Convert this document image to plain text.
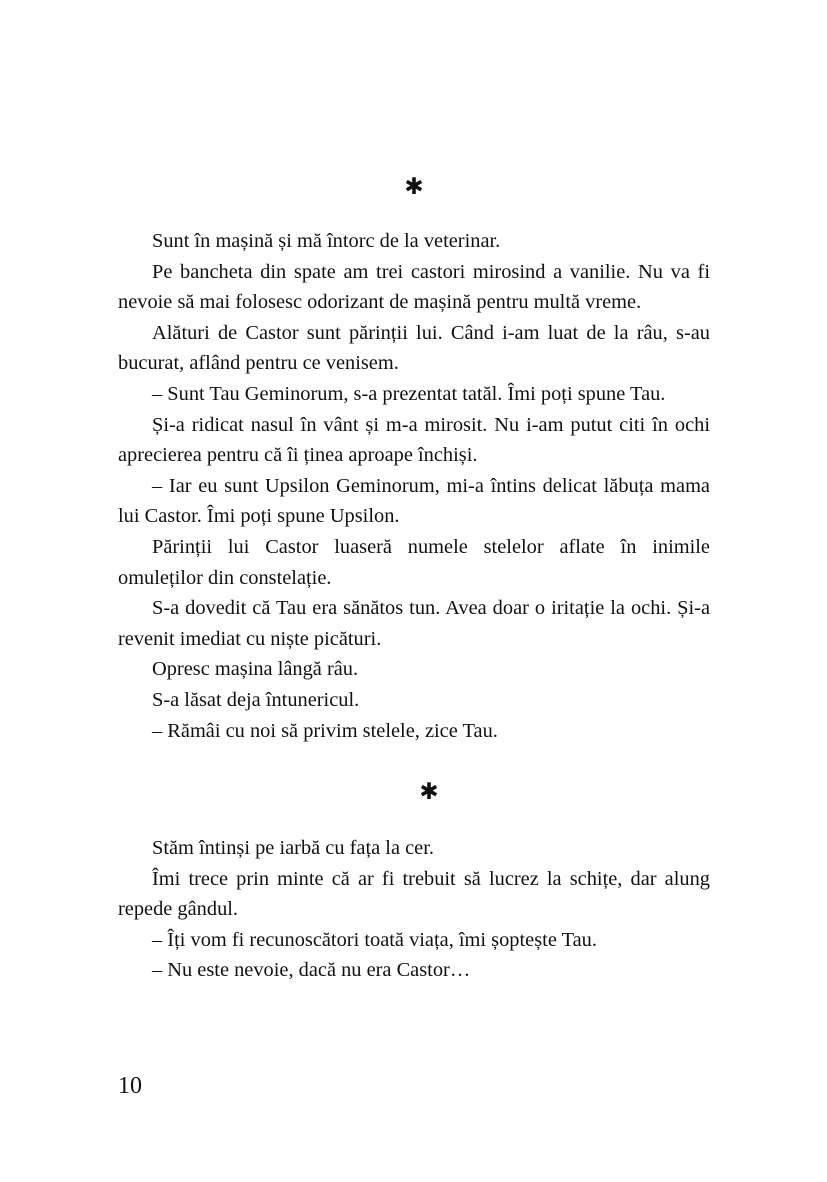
✱

Sunt în mașină și mă întorc de la veterinar.

Pe bancheta din spate am trei castori mirosind a vanilie. Nu va fi nevoie să mai folosesc odorizant de mașină pentru multă vreme.

Alături de Castor sunt părinții lui. Când i-am luat de la râu, s-au bucurat, aflând pentru ce venisem.

– Sunt Tau Geminorum, s-a prezentat tatăl. Îmi poți spune Tau.

Și-a ridicat nasul în vânt și m-a mirosit. Nu i-am putut citi în ochi aprecierea pentru că îi ținea aproape închiși.

– Iar eu sunt Upsilon Geminorum, mi-a întins delicat lăbuța mama lui Castor. Îmi poți spune Upsilon.

Părinții lui Castor luaseră numele stelelor aflate în inimile omuleților din constelație.

S-a dovedit că Tau era sănătos tun. Avea doar o iritație la ochi. Și-a revenit imediat cu niște picături.

Opresc mașina lângă râu.

S-a lăsat deja întunericul.

– Rămâi cu noi să privim stelele, zice Tau.

✱

Stăm întinși pe iarbă cu fața la cer.

Îmi trece prin minte că ar fi trebuit să lucrez la schițe, dar alung repede gândul.

– Îți vom fi recunoscători toată viața, îmi șoptește Tau.

– Nu este nevoie, dacă nu era Castor…

10
